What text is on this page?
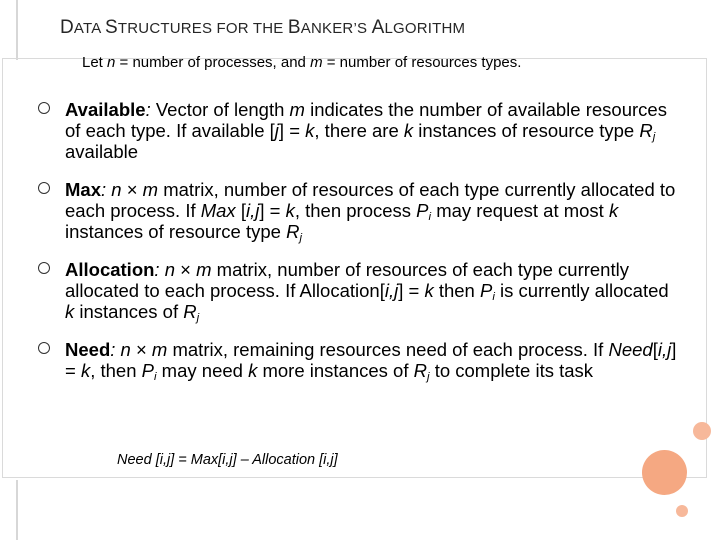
DATA STRUCTURES FOR THE BANKER’S ALGORITHM

Let n = number of processes, and m = number of resources types.

Available: Vector of length m indicates the number of available resources of each type. If available [j] = k, there are k instances of resource type $R_j$ available
Max: n × m matrix, number of resources of each type currently allocated to each process. If Max [i,j] = k, then process $P_i$ may request at most k instances of resource type $R_j$
Allocation: n × m matrix, number of resources of each type currently allocated to each process. If Allocation[i,j] = k then $P_i$ is currently allocated k instances of $R_j$
Need: n × m matrix, remaining resources need of each process. If Need[i,j] = k, then $P_i$ may need k more instances of $R_j$ to complete its task
Need [i,j] = Max[i,j] – Allocation [i,j]
